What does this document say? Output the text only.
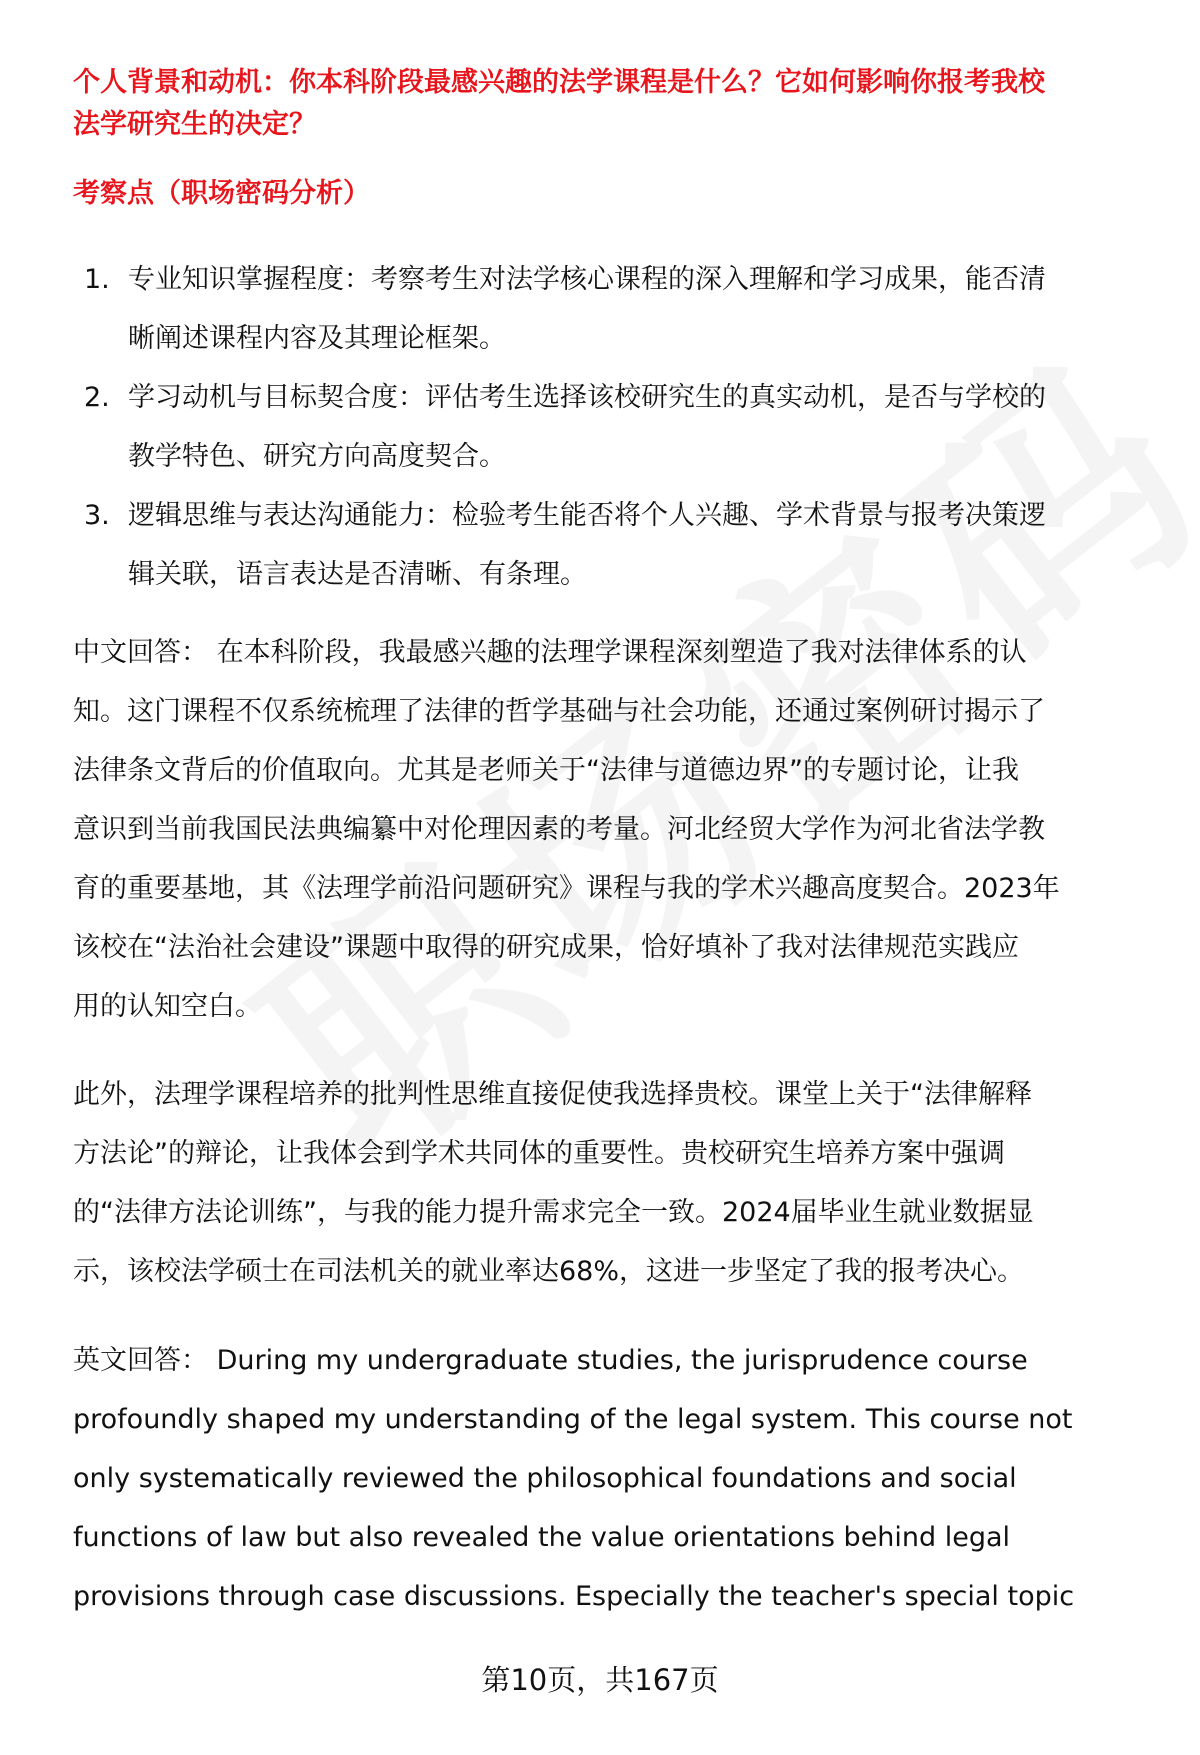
个人背景和动机：你本科阶段最感兴趣的法学课程是什么？它如何影响你报考我校
法学研究生的决定？
考察点（职场密码分析）
1. 专业知识掌握程度：考察考生对法学核心课程的深入理解和学习成果，能否清
晰阐述课程内容及其理论框架。
2. 学习动机与目标契合度：评估考生选择该校研究生的真实动机，是否与学校的
教学特色、研究方向高度契合。
3. 逻辑思维与表达沟通能力：检验考生能否将个人兴趣、学术背景与报考决策逻
辑关联，语言表达是否清晰、有条理。
中文回答： 在本科阶段，我最感兴趣的法理学课程深刻塑造了我对法律体系的认
知。这门课程不仅系统梳理了法律的哲学基础与社会功能，还通过案例研讨揭示了
法律条文背后的价值取向。尤其是老师关于“法律与道德边界”的专题讨论，让我
意识到当前我国民法典编纂中对伦理因素的考量。河北经贸大学作为河北省法学教
育的重要基地，其《法理学前沿问题研究》课程与我的学术兴趣高度契合。2023年
该校在“法治社会建设”课题中取得的研究成果，恰好填补了我对法律规范实践应
用的认知空白。
此外，法理学课程培养的批判性思维直接促使我选择贵校。课堂上关于“法律解释
方法论”的辩论，让我体会到学术共同体的重要性。贵校研究生培养方案中强调
的“法律方法论训练”，与我的能力提升需求完全一致。2024届毕业生就业数据显
示，该校法学硕士在司法机关的就业率达68%，这进一步坚定了我的报考决心。
英文回答： During my undergraduate studies, the jurisprudence course
profoundly shaped my understanding of the legal system. This course not
only systematically reviewed the philosophical foundations and social
functions of law but also revealed the value orientations behind legal
provisions through case discussions. Especially the teacher's special topic
第10页，共167页
